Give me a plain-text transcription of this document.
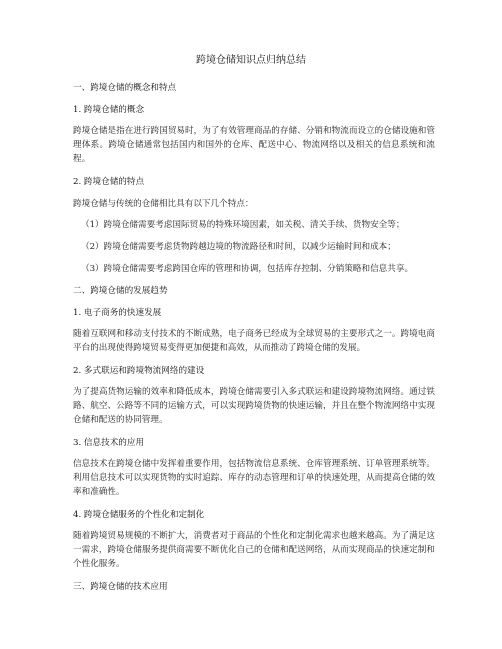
跨境仓储知识点归纳总结
一、跨境仓储的概念和特点
1. 跨境仓储的概念

跨境仓储是指在进行跨国贸易时，为了有效管理商品的存储、分销和物流而设立的仓储设施和管理体系。跨境仓储通常包括国内和国外的仓库、配送中心、物流网络以及相关的信息系统和流程。

2. 跨境仓储的特点
跨境仓储与传统的仓储相比具有以下几个特点：
（1）跨境仓储需要考虑国际贸易的特殊环境因素，如关税、清关手续、货物安全等；
（2）跨境仓储需要考虑货物跨越边境的物流路径和时间，以减少运输时间和成本；
（3）跨境仓储需要考虑跨国仓库的管理和协调，包括库存控制、分销策略和信息共享。
二、跨境仓储的发展趋势
1. 电子商务的快速发展

随着互联网和移动支付技术的不断成熟，电子商务已经成为全球贸易的主要形式之一。跨境电商平台的出现使得跨境贸易变得更加便捷和高效，从而推动了跨境仓储的发展。

2. 多式联运和跨境物流网络的建设

为了提高货物运输的效率和降低成本，跨境仓储需要引入多式联运和建设跨境物流网络。通过铁路、航空、公路等不同的运输方式，可以实现跨境货物的快速运输，并且在整个物流网络中实现仓储和配送的协同管理。

3. 信息技术的应用

信息技术在跨境仓储中发挥着重要作用，包括物流信息系统、仓库管理系统、订单管理系统等。利用信息技术可以实现货物的实时追踪、库存的动态管理和订单的快速处理，从而提高仓储的效率和准确性。

4. 跨境仓储服务的个性化和定制化

随着跨境贸易规模的不断扩大，消费者对于商品的个性化和定制化需求也越来越高。为了满足这一需求，跨境仓储服务提供商需要不断优化自己的仓储和配送网络，从而实现商品的快速定制和个性化服务。

三、跨境仓储的技术应用
